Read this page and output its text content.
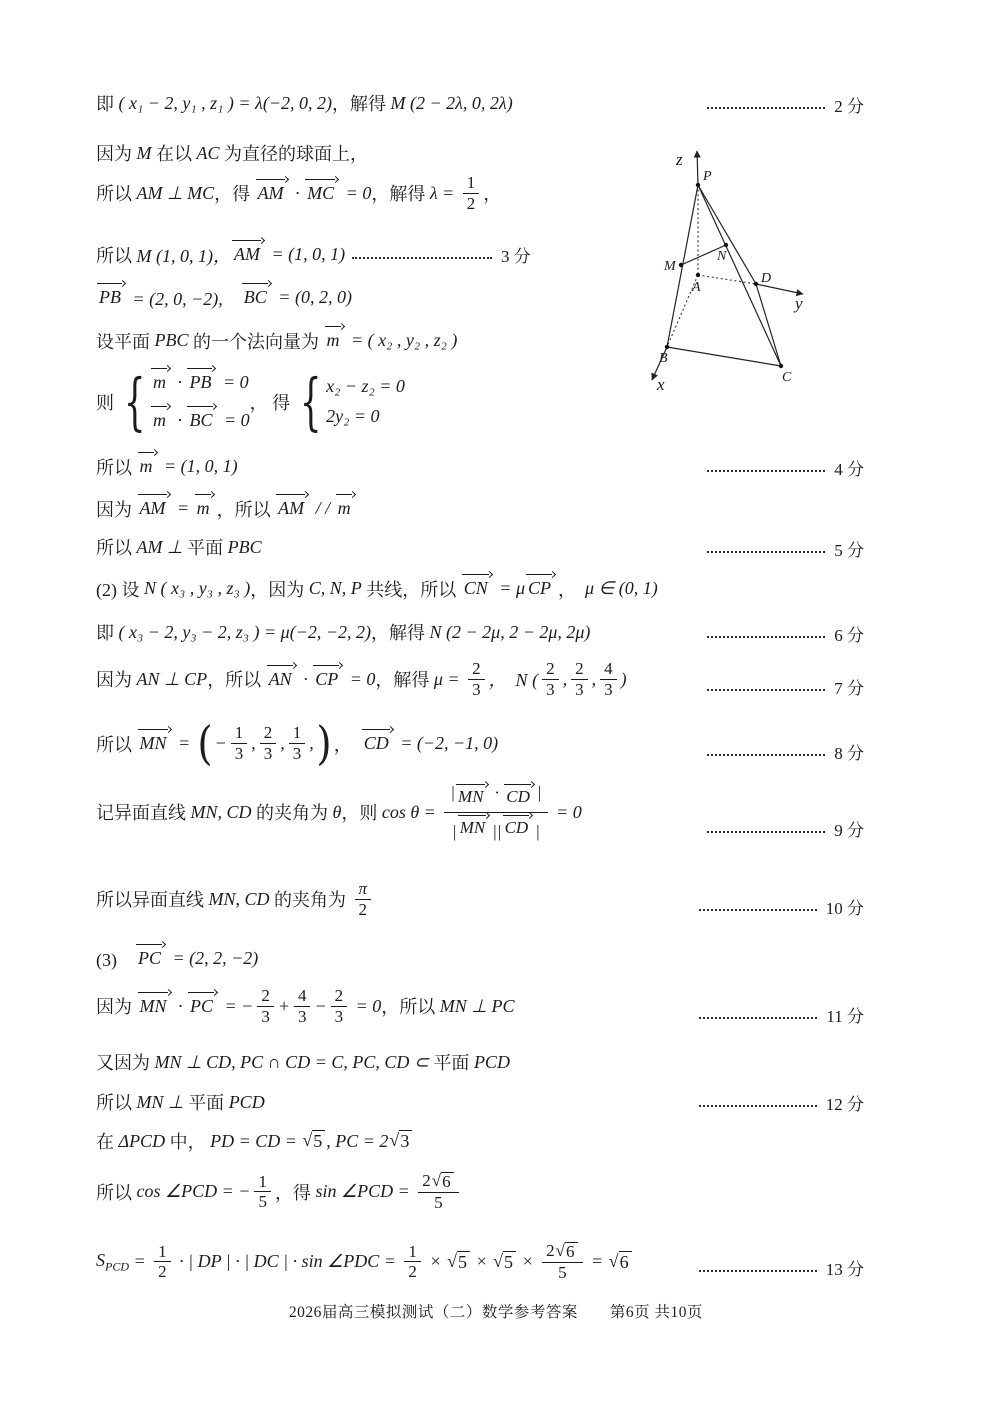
即 ( x₁ − 2, y₁ , z₁ ) = λ(−2, 0, 2) ，解得 M (2 − 2λ, 0, 2λ)	2 分
因为 M 在以 AC 为直径的球面上，
所以 AM ⊥ MC ，得 AM · MC = 0 ，解得 $\lambda = \frac{1}{2}$ ，
所以 M (1, 0, 1)， AM = (1, 0, 1)	3 分
PB = (2, 0, −2),　 BC = (0, 2, 0)
设平面 PBC 的一个法向量为 m = ( x₂ , y₂ , z₂ )
则 { m · PB = 0
m · BC = 0
， 得 { x₂ − z₂ = 0
2y₂ = 0
所以 m = (1, 0, 1)	4 分
因为 AM = m ，所以 AM / / m
所以 AM ⊥ 平面 PBC	5 分
(2) 设 N ( x₃ , y₃ , z₃ ) ，因为 C, N, P 共线，所以 CN = μ CP ， μ ∈ (0, 1)
即 ( x₃ − 2, y₃ − 2, z₃ ) = μ(−2, −2, 2) ，解得 N (2 − 2μ, 2 − 2μ, 2μ)	6 分
因为 AN ⊥ CP ，所以 AN · CP = 0 ，解得 $\mu = \frac{2}{3}$ ，  N ( $\frac{2}{3}$ , $\frac{2}{3}$ , $\frac{4}{3}$ )	7 分
所以 MN = ( − $\frac{1}{3}$ , $\frac{2}{3}$ , $\frac{1}{3}$ , ) ， CD = (−2, −1, 0)
8 分
记异面直线 MN, CD 的夹角为 θ ，则 $\cos \theta = \frac{| MN \cdot CD |}{| MN || CD |} = 0$
9 分
所以异面直线 MN, CD 的夹角为 $\frac{\pi}{2}$	10 分
(3)　 PC = (2, 2, −2)
因为 MN · PC = − $\frac{2}{3} + \frac{4}{3} - \frac{2}{3} = 0$ ，所以 MN ⊥ PC
11 分
又因为 MN ⊥ CD, PC ∩ CD = C, PC, CD ⊂ 平面 PCD
所以 MN ⊥ 平面 PCD	12 分
在 ΔPCD 中， PD = CD = √ 5 , PC = 2 √ 3
所以 cos ∠PCD = − $\frac{1}{5}$ ，得 sin ∠PCD = $\frac{2 √ 6}{5}$
$S_{PCD} = \frac{1}{2}$ · | DP | · | DC | · sin ∠PDC = $\frac{1}{2}$ × √ 5 × √ $5 \times \frac{2 √ 6}{5}$ = √ 6	13 分
z
P
M
N
A
D
y
B
x	C
2026届高三模拟测试（二）数学参考答案　　第6页 共10页
